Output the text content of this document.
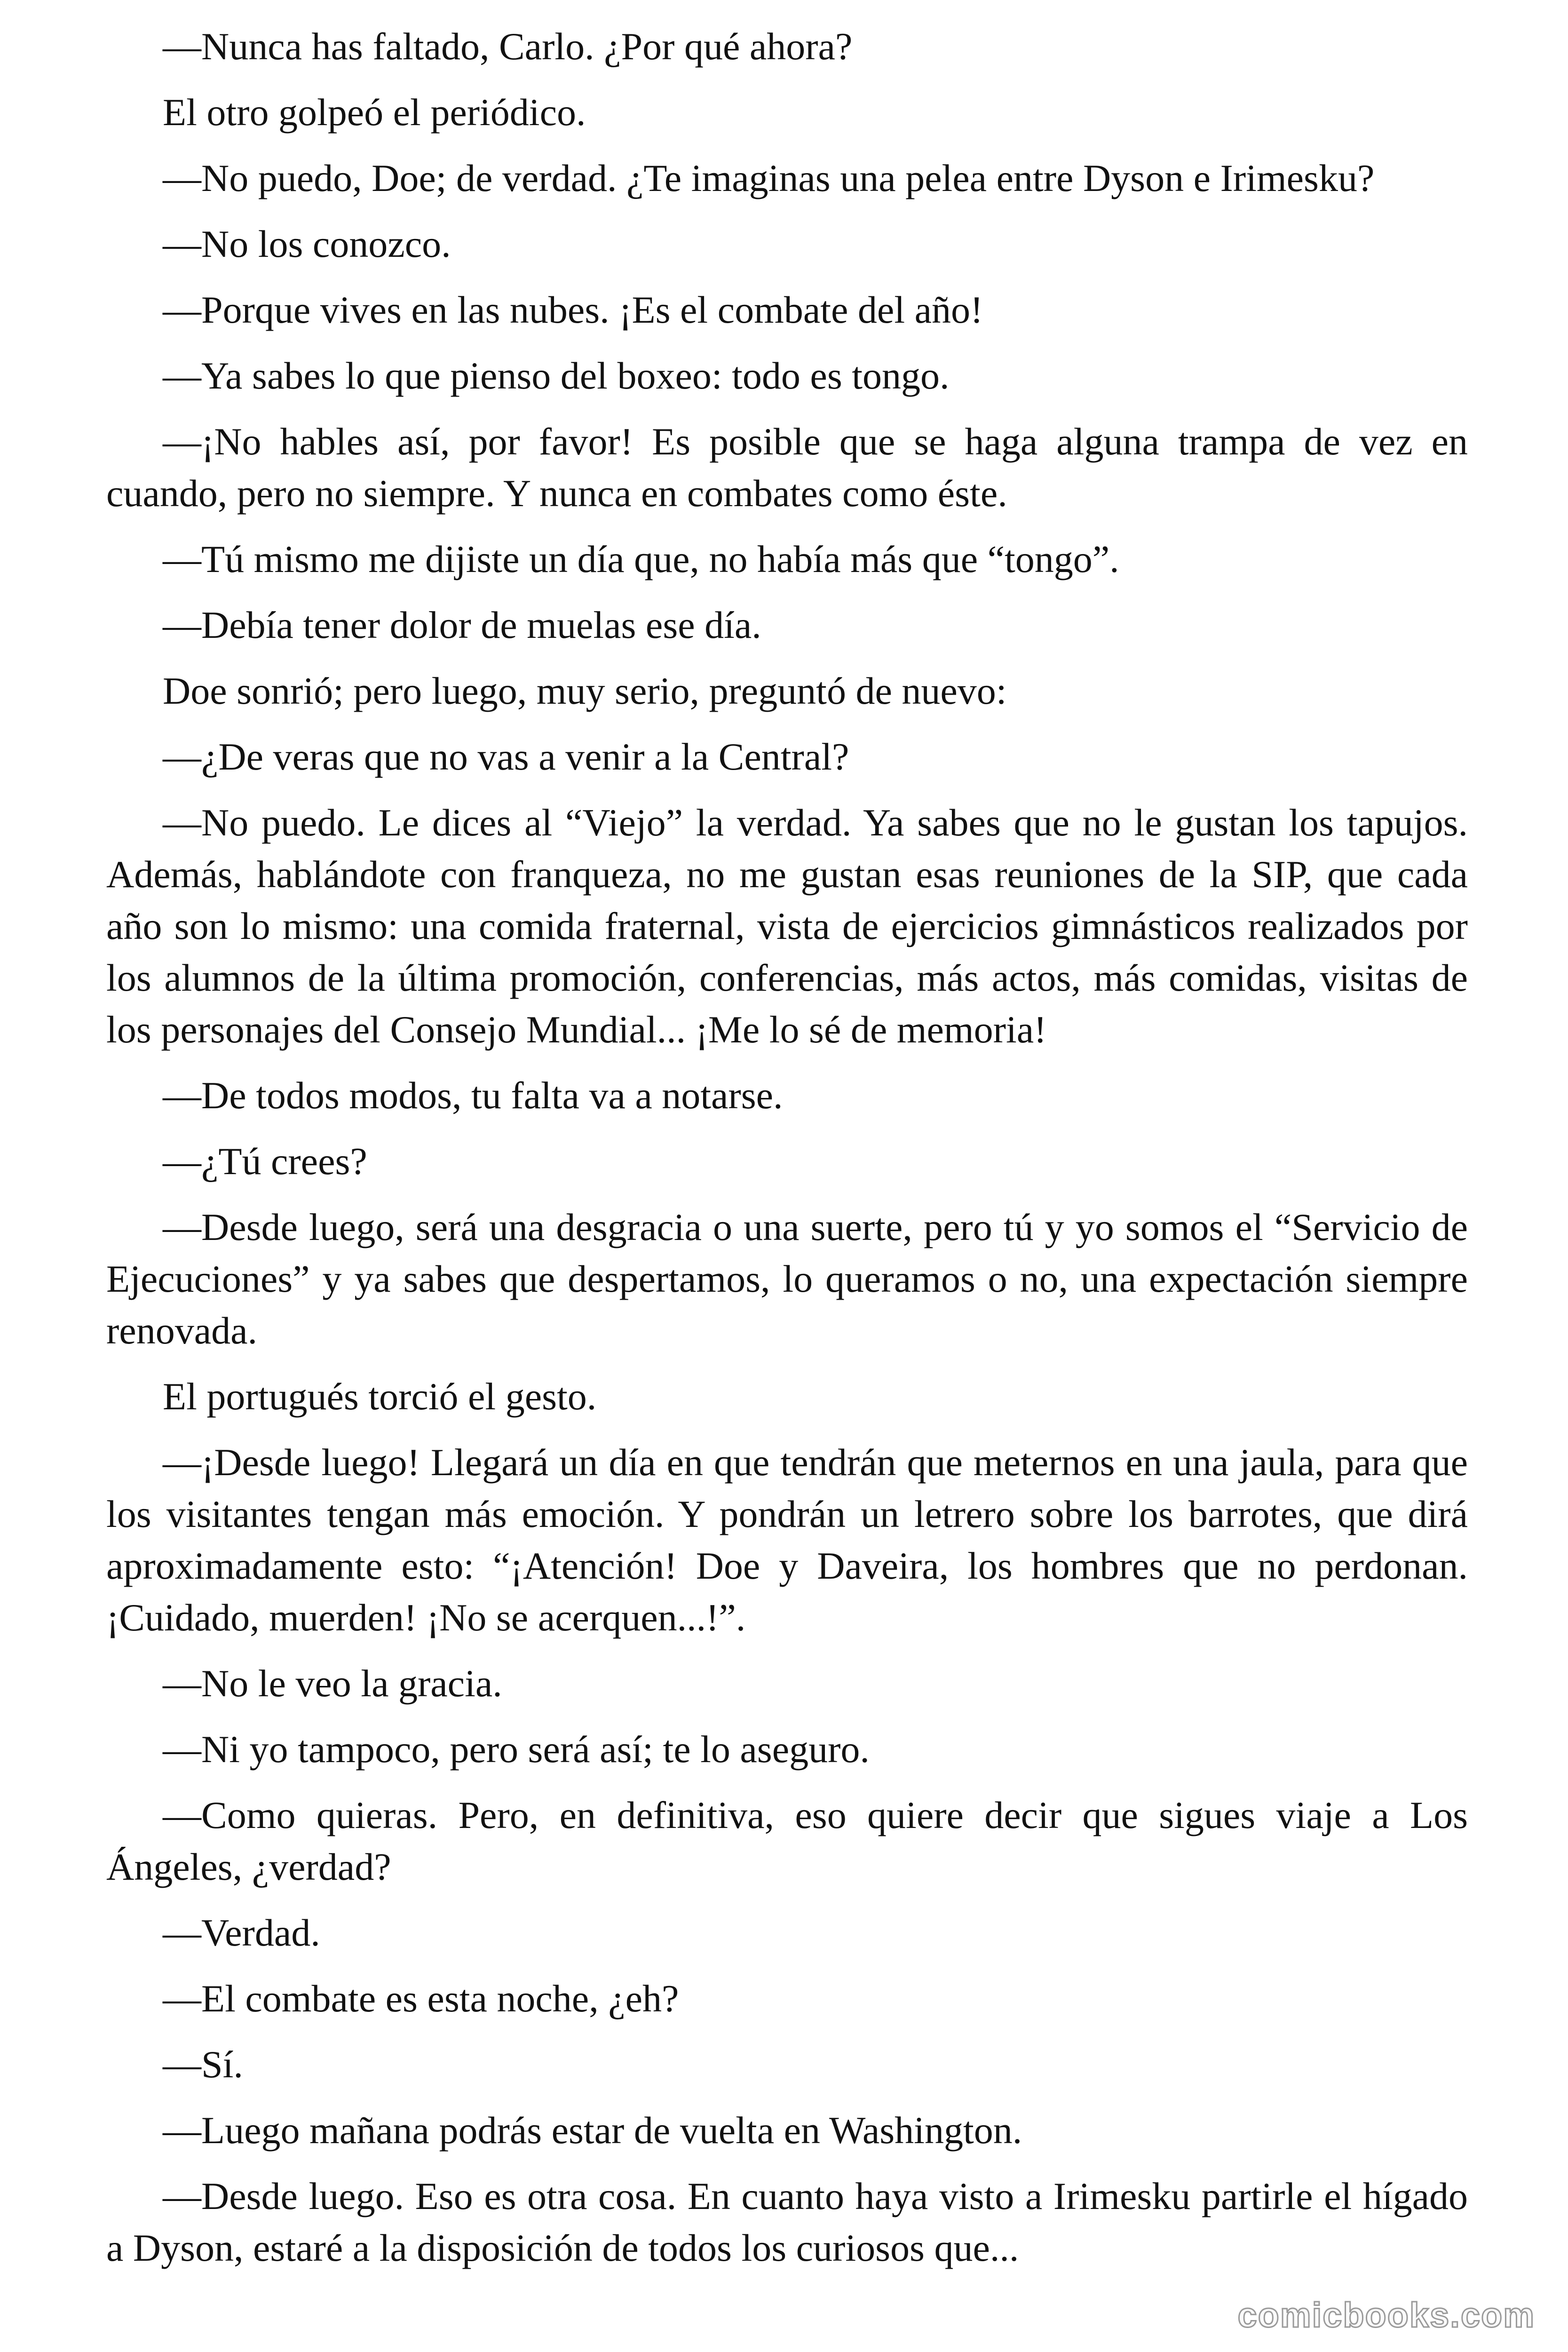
—Nunca has faltado, Carlo. ¿Por qué ahora?

El otro golpeó el periódico.

—No puedo, Doe; de verdad. ¿Te imaginas una pelea entre Dyson e Irimesku?

—No los conozco.

—Porque vives en las nubes. ¡Es el combate del año!

—Ya sabes lo que pienso del boxeo: todo es tongo.

—¡No hables así, por favor! Es posible que se haga alguna trampa de vez en cuando, pero no siempre. Y nunca en combates como éste.

—Tú mismo me dijiste un día que, no había más que “tongo”.

—Debía tener dolor de muelas ese día.

Doe sonrió; pero luego, muy serio, preguntó de nuevo:

—¿De veras que no vas a venir a la Central?

—No puedo. Le dices al “Viejo” la verdad. Ya sabes que no le gustan los tapujos. Además, hablándote con franqueza, no me gustan esas reuniones de la SIP, que cada año son lo mismo: una comida fraternal, vista de ejercicios gimnásticos realizados por los alumnos de la última promoción, conferencias, más actos, más comidas, visitas de los personajes del Consejo Mundial... ¡Me lo sé de memoria!

—De todos modos, tu falta va a notarse.

—¿Tú crees?

—Desde luego, será una desgracia o una suerte, pero tú y yo somos el “Servicio de Ejecuciones” y ya sabes que despertamos, lo queramos o no, una expectación siempre renovada.

El portugués torció el gesto.

—¡Desde luego! Llegará un día en que tendrán que meternos en una jaula, para que los visitantes tengan más emoción. Y pondrán un letrero sobre los barrotes, que dirá aproximadamente esto: “¡Atención! Doe y Daveira, los hombres que no perdonan. ¡Cuidado, muerden! ¡No se acerquen...!”.

—No le veo la gracia.

—Ni yo tampoco, pero será así; te lo aseguro.

—Como quieras. Pero, en definitiva, eso quiere decir que sigues viaje a Los Ángeles, ¿verdad?

—Verdad.

—El combate es esta noche, ¿eh?

—Sí.

—Luego mañana podrás estar de vuelta en Washington.

—Desde luego. Eso es otra cosa. En cuanto haya visto a Irimesku partirle el hígado a Dyson, estaré a la disposición de todos los curiosos que...

comicbooks.com
